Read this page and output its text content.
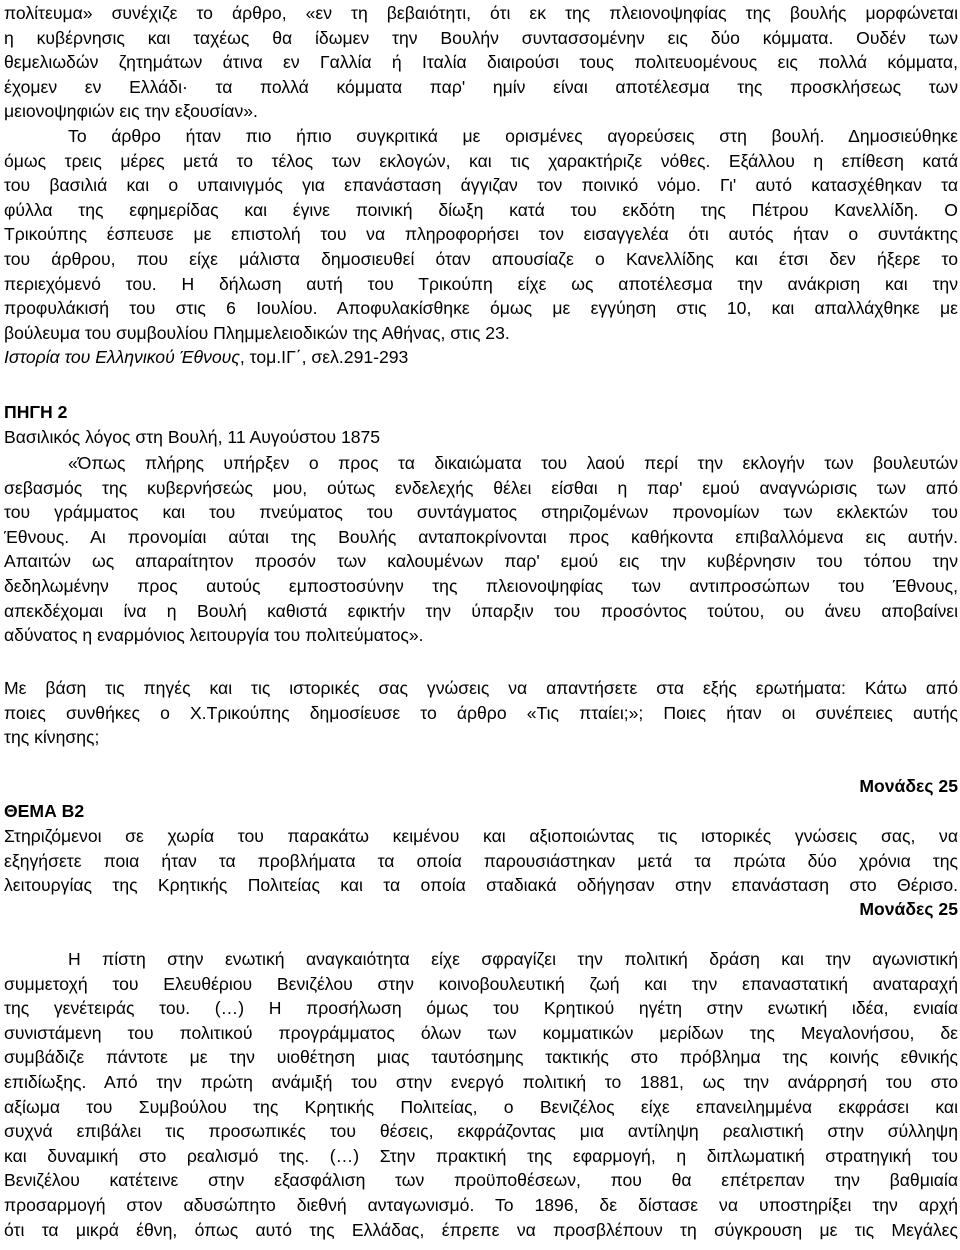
πολίτευμα» συνέχιζε το άρθρο, «εν τη βεβαιότητι, ότι εκ της πλειονοψηφίας της βουλής μορφώνεται
η κυβέρνησις και ταχέως θα ίδωμεν την Βουλήν συντασσομένην εις δύο κόμματα. Ουδέν των
θεμελιωδών ζητημάτων άτινα εν Γαλλία ή Ιταλία διαιρούσι τους πολιτευομένους εις πολλά κόμματα,
έχομεν εν Ελλάδι· τα πολλά κόμματα παρ' ημίν είναι αποτέλεσμα της προσκλήσεως των
μειονοψηφιών εις την εξουσίαν».
Το άρθρο ήταν πιο ήπιο συγκριτικά με ορισμένες αγορεύσεις στη βουλή. Δημοσιεύθηκε
όμως τρεις μέρες μετά το τέλος των εκλογών, και τις χαρακτήριζε νόθες. Εξάλλου η επίθεση κατά
του βασιλιά και ο υπαινιγμός για επανάσταση άγγιζαν τον ποινικό νόμο. Γι' αυτό κατασχέθηκαν τα
φύλλα της εφημερίδας και έγινε ποινική δίωξη κατά του εκδότη της Πέτρου Κανελλίδη. Ο
Τρικούπης έσπευσε με επιστολή του να πληροφορήσει τον εισαγγελέα ότι αυτός ήταν ο συντάκτης
του άρθρου, που είχε μάλιστα δημοσιευθεί όταν απουσίαζε ο Κανελλίδης και έτσι δεν ήξερε το
περιεχόμενό του. Η δήλωση αυτή του Τρικούπη είχε ως αποτέλεσμα την ανάκριση και την
προφυλάκισή του στις 6 Ιουλίου. Αποφυλακίσθηκε όμως με εγγύηση στις 10, και απαλλάχθηκε με
βούλευμα του συμβουλίου Πλημμελειοδικών της Αθήνας, στις 23.
Ιστορία του Ελληνικού Έθνους, τομ.ΙΓ΄, σελ.291-293
ΠΗΓΗ 2
Βασιλικός λόγος στη Βουλή, 11 Αυγούστου 1875
«Όπως πλήρης υπήρξεν ο προς τα δικαιώματα του λαού περί την εκλογήν των βουλευτών
σεβασμός της κυβερνήσεώς μου, ούτως ενδελεχής θέλει είσθαι η παρ' εμού αναγνώρισις των από
του γράμματος και του πνεύματος του συντάγματος στηριζομένων προνομίων των εκλεκτών του
Έθνους. Αι προνομίαι αύται της Βουλής ανταποκρίνονται προς καθήκοντα επιβαλλόμενα εις αυτήν.
Απαιτών ως απαραίτητον προσόν των καλουμένων παρ' εμού εις την κυβέρνησιν του τόπου την
δεδηλωμένην προς αυτούς εμποστοσύνην της πλειονοψηφίας των αντιπροσώπων του Έθνους,
απεκδέχομαι ίνα η Βουλή καθιστά εφικτήν την ύπαρξιν του προσόντος τούτου, ου άνευ αποβαίνει
αδύνατος η εναρμόνιος λειτουργία του πολιτεύματος».
Με βάση τις πηγές και τις ιστορικές σας γνώσεις να απαντήσετε στα εξής ερωτήματα: Κάτω από
ποιες συνθήκες ο Χ.Τρικούπης δημοσίευσε το άρθρο «Τις πταίει;»; Ποιες ήταν οι συνέπειες αυτής
της κίνησης;
Μονάδες 25
ΘΕΜΑ Β2
Στηριζόμενοι σε χωρία του παρακάτω κειμένου και αξιοποιώντας τις ιστορικές γνώσεις σας, να
εξηγήσετε ποια ήταν τα προβλήματα τα οποία παρουσιάστηκαν μετά τα πρώτα δύο χρόνια της
λειτουργίας της Κρητικής Πολιτείας και τα οποία σταδιακά οδήγησαν στην επανάσταση στο Θέρισο.
Μονάδες 25
Η πίστη στην ενωτική αναγκαιότητα είχε σφραγίζει την πολιτική δράση και την αγωνιστική
συμμετοχή του Ελευθέριου Βενιζέλου στην κοινοβουλευτική ζωή και την επαναστατική αναταραχή
της γενέτειράς του. (…) Η προσήλωση όμως του Κρητικού ηγέτη στην ενωτική ιδέα, ενιαία
συνιστάμενη του πολιτικού προγράμματος όλων των κομματικών μερίδων της Μεγαλονήσου, δε
συμβάδιζε πάντοτε με την υιοθέτηση μιας ταυτόσημης τακτικής στο πρόβλημα της κοινής εθνικής
επιδίωξης. Από την πρώτη ανάμιξή του στην ενεργό πολιτική το 1881, ως την ανάρρησή του στο
αξίωμα του Συμβούλου της Κρητικής Πολιτείας, ο Βενιζέλος είχε επανειλημμένα εκφράσει και
συχνά επιβάλει τις προσωπικές του θέσεις, εκφράζοντας μια αντίληψη ρεαλιστική στην σύλληψη
και δυναμική στο ρεαλισμό της. (…) Στην πρακτική της εφαρμογή, η διπλωματική στρατηγική του
Βενιζέλου κατέτεινε στην εξασφάλιση των προϋποθέσεων, που θα επέτρεπαν την βαθμιαία
προσαρμογή στον αδυσώπητο διεθνή ανταγωνισμό. Το 1896, δε δίστασε να υποστηρίξει την αρχή
ότι τα μικρά έθνη, όπως αυτό της Ελλάδας, έπρεπε να προσβλέπουν τη σύγκρουση με τις Μεγάλες
